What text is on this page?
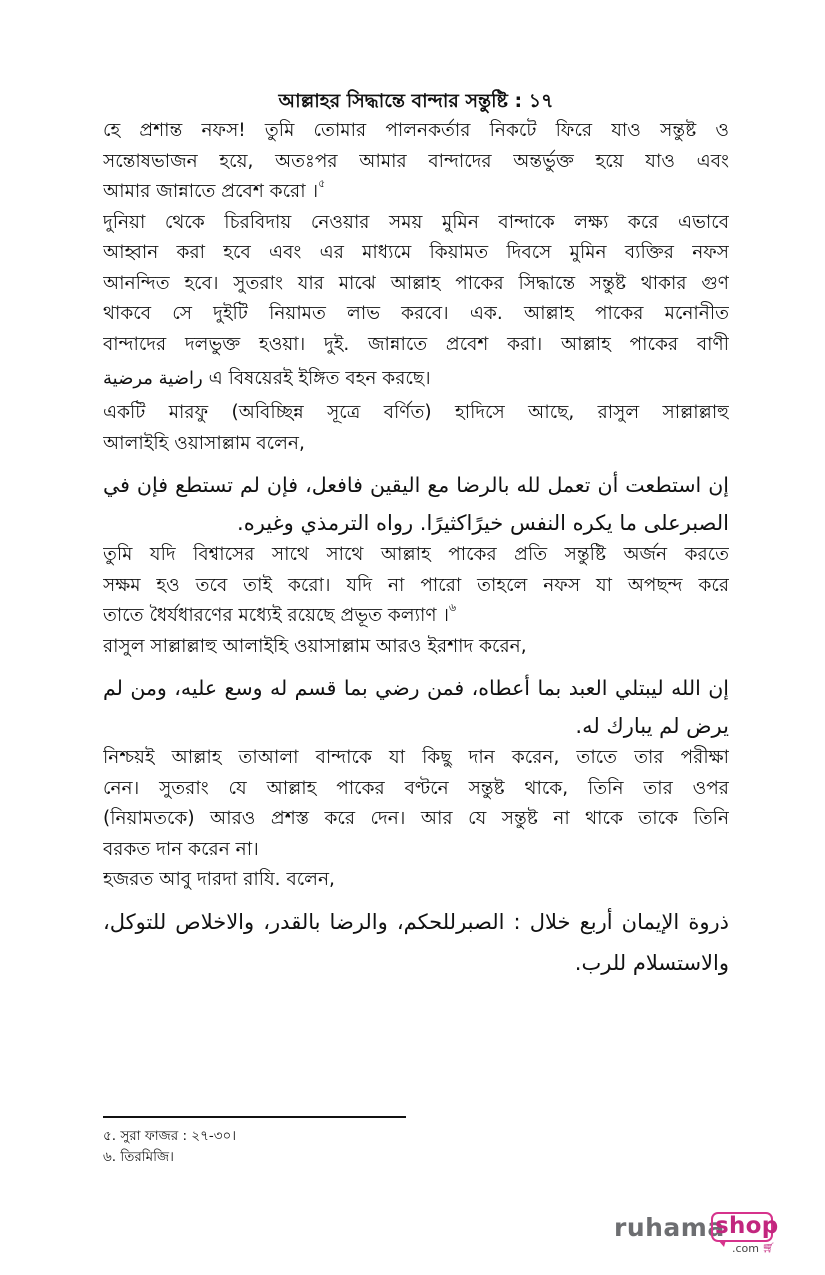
আল্লাহর সিদ্ধান্তে বান্দার সন্তুষ্টি : ১৭
হে প্রশান্ত নফস! তুমি তোমার পালনকর্তার নিকটে ফিরে যাও সন্তুষ্ট ও
সন্তোষভাজন হয়ে, অতঃপর আমার বান্দাদের অন্তর্ভুক্ত হয়ে যাও এবং
আমার জান্নাতে প্রবেশ করো ।$^৫$
দুনিয়া থেকে চিরবিদায় নেওয়ার সময় মুমিন বান্দাকে লক্ষ্য করে এভাবে
আহ্বান করা হবে এবং এর মাধ্যমে কিয়ামত দিবসে মুমিন ব্যক্তির নফস
আনন্দিত হবে। সুতরাং যার মাঝে আল্লাহ পাকের সিদ্ধান্তে সন্তুষ্ট থাকার গুণ
থাকবে সে দুইটি নিয়ামত লাভ করবে। এক. আল্লাহ পাকের মনোনীত
বান্দাদের দলভুক্ত হওয়া। দুই. জান্নাতে প্রবেশ করা। আল্লাহ পাকের বাণী
راضية مرضية এ বিষয়েরই ইঙ্গিত বহন করছে।
একটি মারফু (অবিচ্ছিন্ন সূত্রে বর্ণিত) হাদিসে আছে, রাসুল সাল্লাল্লাহু
আলাইহি ওয়াসাল্লাম বলেন,
إن استطعت أن تعمل لله بالرضا مع اليقين فافعل، فإن لم تستطع فإن في
الصبرعلى ما يكره النفس خيرًاكثيرًا. رواه الترمذي وغيره.
তুমি যদি বিশ্বাসের সাথে সাথে আল্লাহ পাকের প্রতি সন্তুষ্টি অর্জন করতে
সক্ষম হও তবে তাই করো। যদি না পারো তাহলে নফস যা অপছন্দ করে
তাতে ধৈর্যধারণের মধ্যেই রয়েছে প্রভূত কল্যাণ ।$^৬$
রাসুল সাল্লাল্লাহু আলাইহি ওয়াসাল্লাম আরও ইরশাদ করেন,
إن الله ليبتلي العبد بما أعطاه، فمن رضي بما قسم له وسع عليه، ومن لم
يرض لم يبارك له.
নিশ্চয়ই আল্লাহ তাআলা বান্দাকে যা কিছু দান করেন, তাতে তার পরীক্ষা
নেন। সুতরাং যে আল্লাহ পাকের বণ্টনে সন্তুষ্ট থাকে, তিনি তার ওপর
(নিয়ামতকে) আরও প্রশস্ত করে দেন। আর যে সন্তুষ্ট না থাকে তাকে তিনি
বরকত দান করেন না।
হজরত আবু দারদা রাযি. বলেন,
ذروة الإيمان أربع خلال : الصبرللحكم، والرضا بالقدر، والاخلاص للتوكل،
والاستسلام للرب.
৫. সুরা ফাজর : ২৭-৩০।
৬. তিরমিজি।
ruhama
shop
.com 🛒︎
